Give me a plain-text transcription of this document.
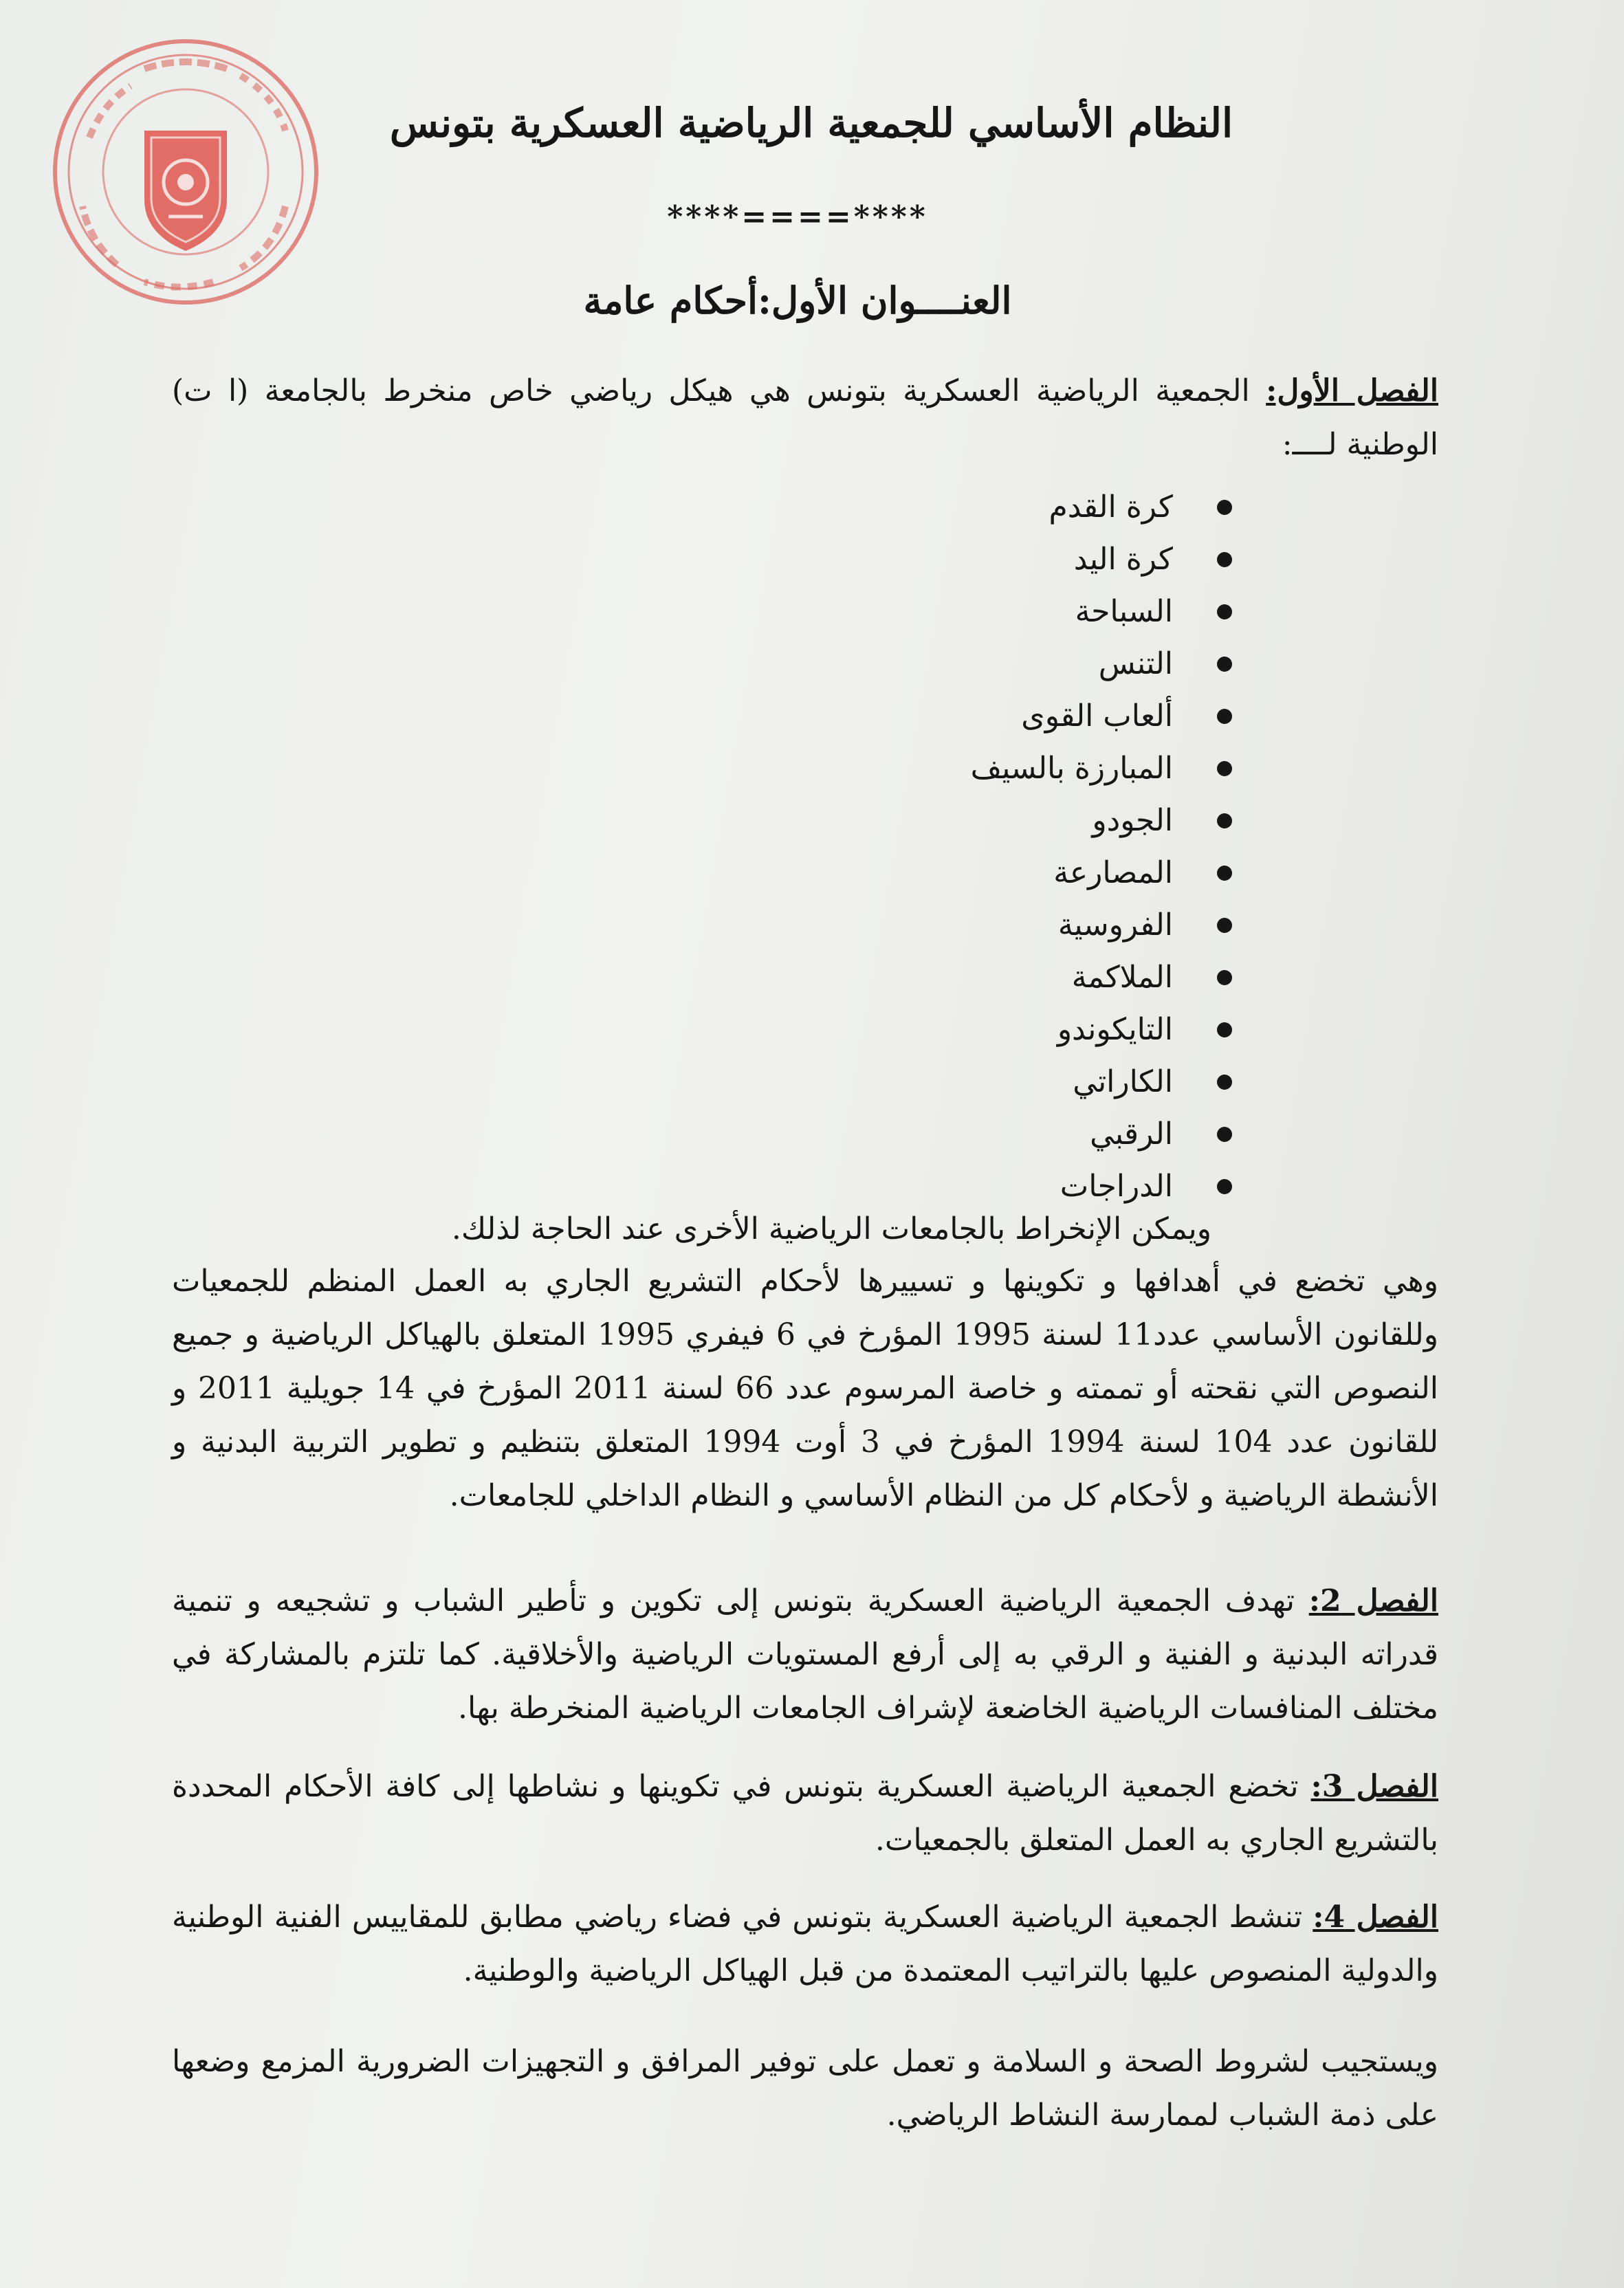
النظام الأساسي للجمعية الرياضية العسكرية بتونس
****====****
العنــــوان الأول:أحكام عامة
الفصل الأول: الجمعية الرياضية العسكرية بتونس هي هيكل رياضي خاص منخرط بالجامعة (ا ت) الوطنية لــــ:
كرة القدم
كرة اليد
السباحة
التنس
ألعاب القوى
المبارزة بالسيف
الجودو
المصارعة
الفروسية
الملاكمة
التايكوندو
الكاراتي
الرقبي
الدراجات
ويمكن الإنخراط بالجامعات الرياضية الأخرى عند الحاجة لذلك.
وهي تخضع في أهدافها و تكوينها و تسييرها لأحكام التشريع الجاري به العمل المنظم للجمعيات وللقانون الأساسي عدد11 لسنة 1995 المؤرخ في 6 فيفري 1995 المتعلق بالهياكل الرياضية و جميع النصوص التي نقحته أو تممته و خاصة المرسوم عدد 66 لسنة 2011 المؤرخ في 14 جويلية 2011 و للقانون عدد 104 لسنة 1994 المؤرخ في 3 أوت 1994 المتعلق بتنظيم و تطوير التربية البدنية و الأنشطة الرياضية و لأحكام كل من النظام الأساسي و النظام الداخلي للجامعات.
الفصل 2: تهدف الجمعية الرياضية العسكرية بتونس إلى تكوين و تأطير الشباب و تشجيعه و تنمية قدراته البدنية و الفنية و الرقي به إلى أرفع المستويات الرياضية والأخلاقية. كما تلتزم بالمشاركة في مختلف المنافسات الرياضية الخاضعة لإشراف الجامعات الرياضية المنخرطة بها.
الفصل 3: تخضع الجمعية الرياضية العسكرية بتونس في تكوينها و نشاطها إلى كافة الأحكام المحددة بالتشريع الجاري به العمل المتعلق بالجمعيات.
الفصل 4: تنشط الجمعية الرياضية العسكرية بتونس في فضاء رياضي مطابق للمقاييس الفنية الوطنية والدولية المنصوص عليها بالتراتيب المعتمدة من قبل الهياكل الرياضية والوطنية.
ويستجيب لشروط الصحة و السلامة و تعمل على توفير المرافق و التجهيزات الضرورية المزمع وضعها على ذمة الشباب لممارسة النشاط الرياضي.
